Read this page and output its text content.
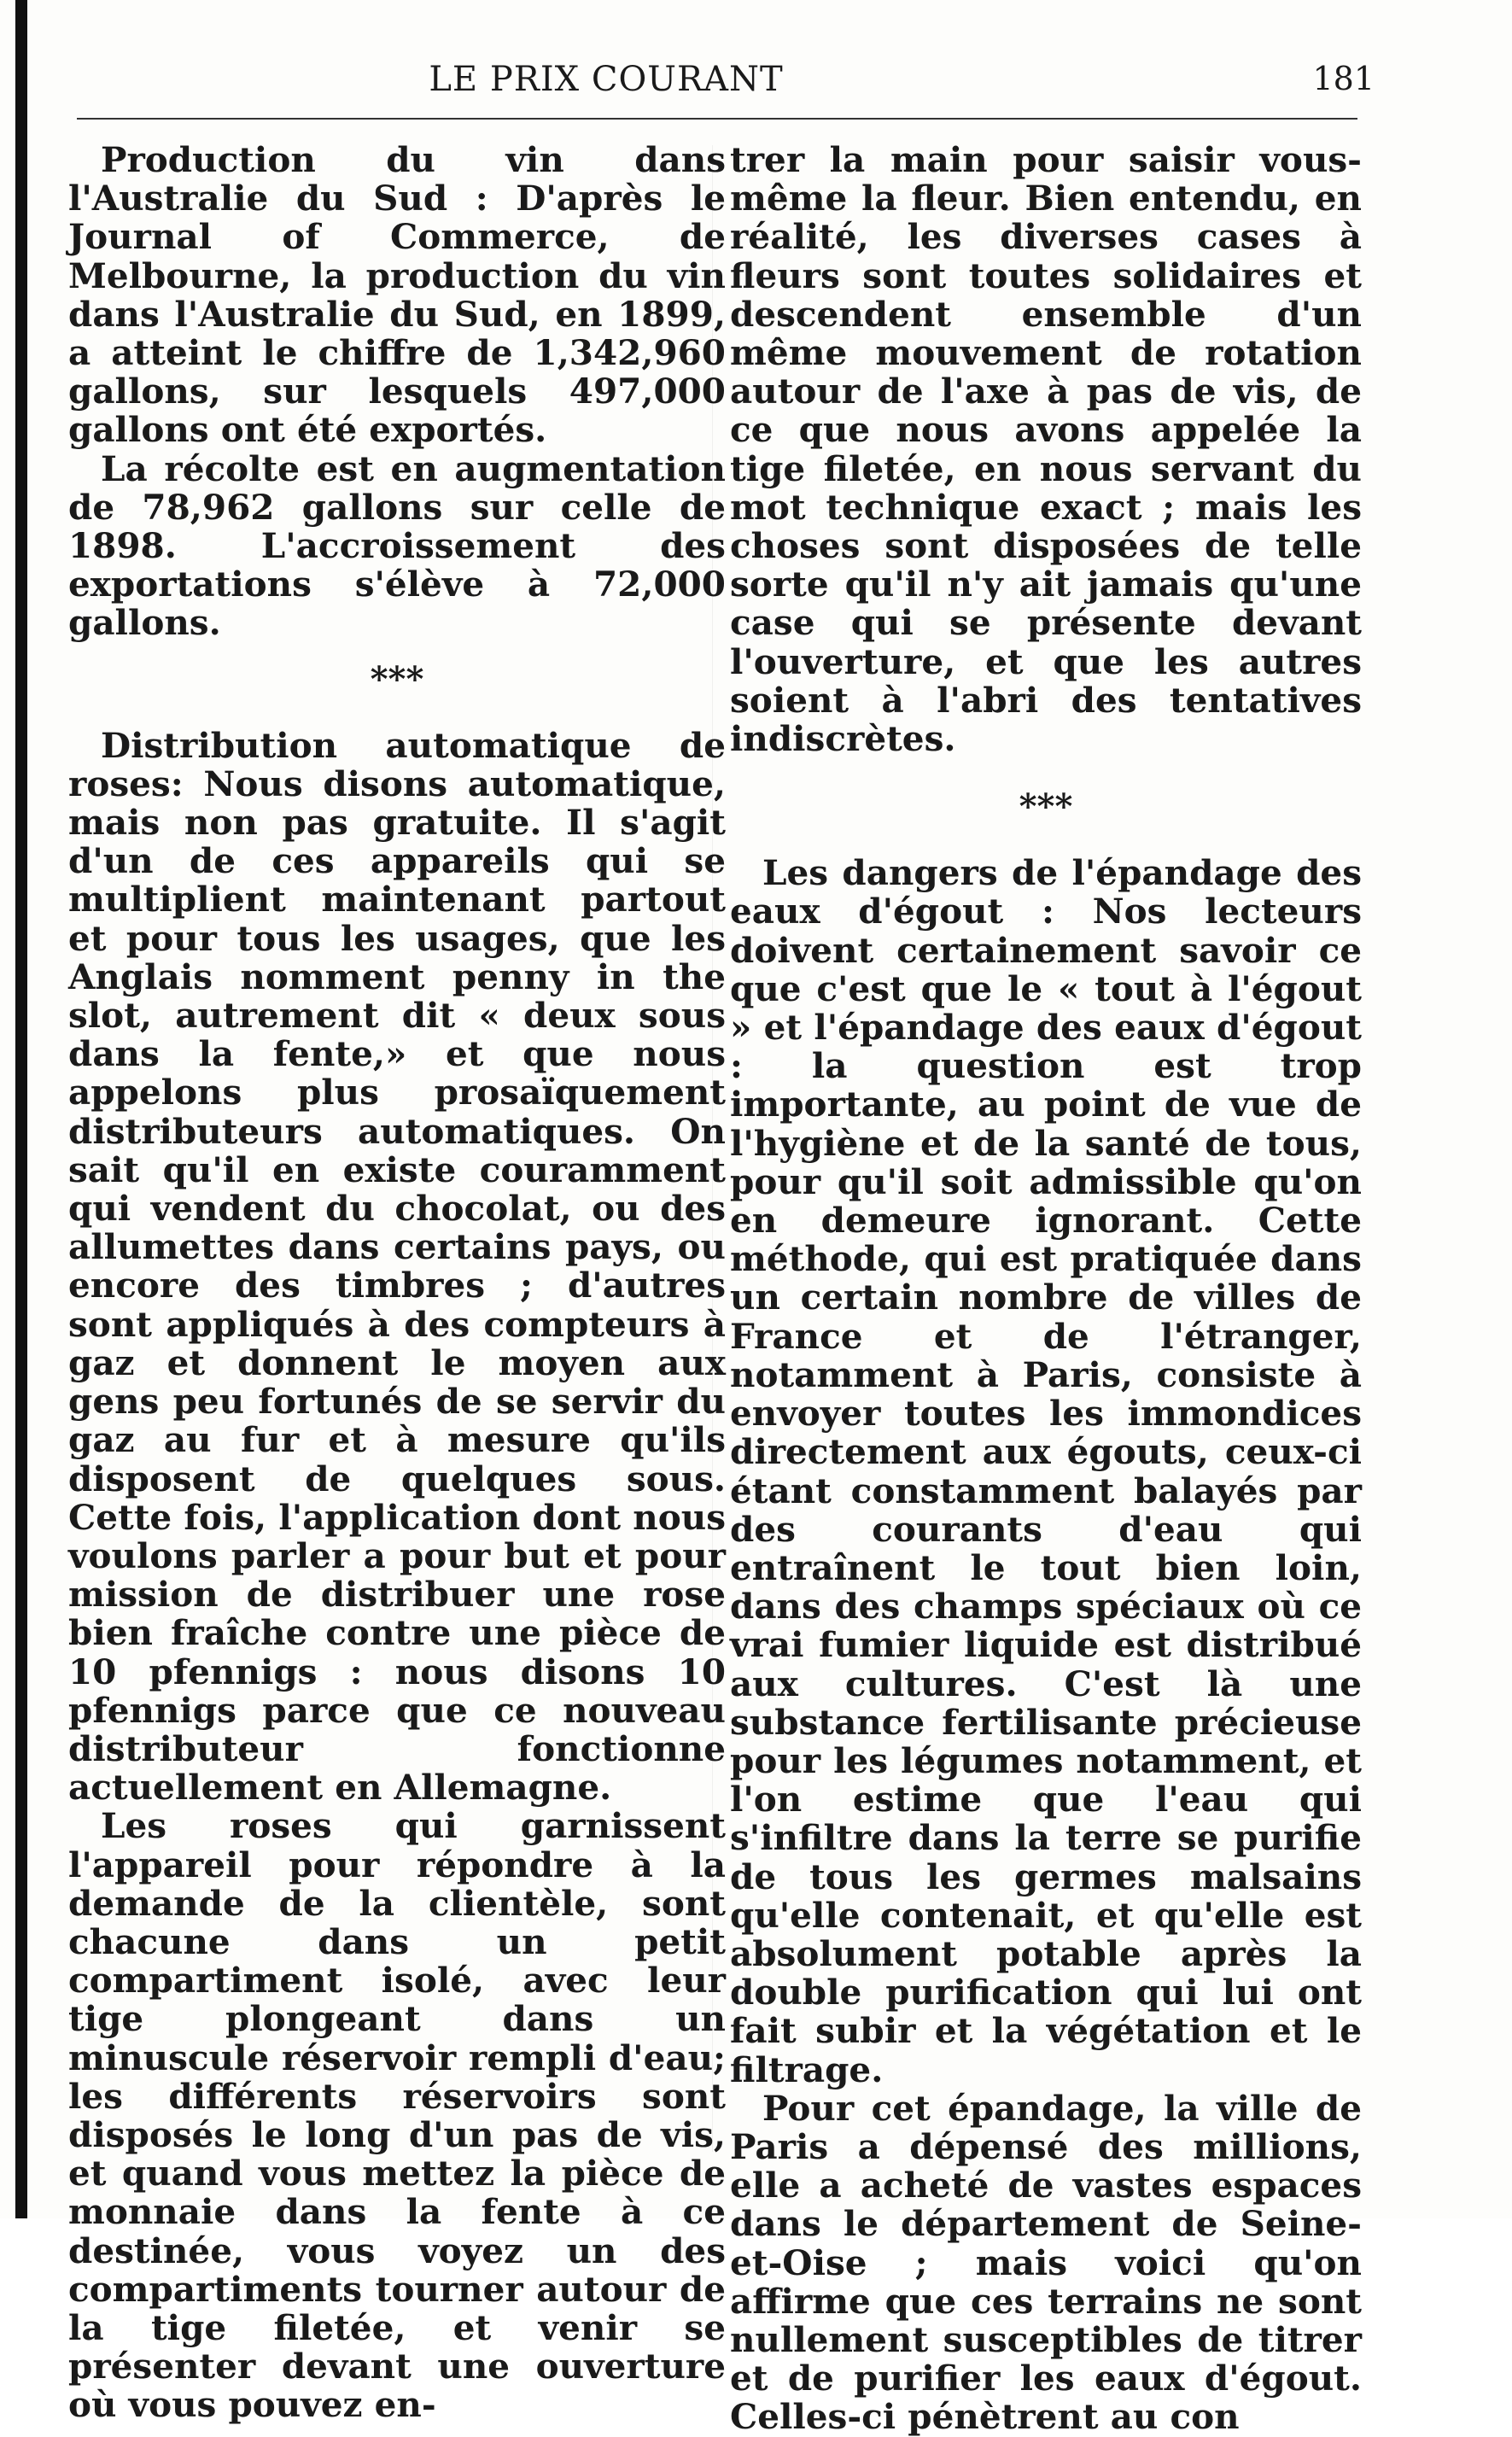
LE PRIX COURANT	181

Production du vin dans l'Australie du Sud : D'après le Journal of Commerce, de Melbourne, la production du vin dans l'Australie du Sud, en 1899, a atteint le chiffre de 1,342,960 gallons, sur lesquels 497,000 gallons ont été exportés.

La récolte est en augmentation de 78,962 gallons sur celle de 1898. L'accroissement des exportations s'élève à 72,000 gallons.

***

Distribution automatique de roses: Nous disons automatique, mais non pas gratuite. Il s'agit d'un de ces appareils qui se multiplient maintenant partout et pour tous les usages, que les Anglais nomment penny in the slot, autrement dit « deux sous dans la fente,» et que nous appelons plus prosaïquement distributeurs automatiques. On sait qu'il en existe couramment qui vendent du chocolat, ou des allumettes dans certains pays, ou encore des timbres ; d'autres sont appliqués à des compteurs à gaz et donnent le moyen aux gens peu fortunés de se servir du gaz au fur et à mesure qu'ils disposent de quelques sous. Cette fois, l'application dont nous voulons parler a pour but et pour mission de distribuer une rose bien fraîche contre une pièce de 10 pfennigs : nous disons 10 pfennigs parce que ce nouveau distributeur fonctionne actuellement en Allemagne.

Les roses qui garnissent l'appareil pour répondre à la demande de la clientèle, sont chacune dans un petit compartiment isolé, avec leur tige plongeant dans un minuscule réservoir rempli d'eau; les différents réservoirs sont disposés le long d'un pas de vis, et quand vous mettez la pièce de monnaie dans la fente à ce destinée, vous voyez un des compartiments tourner autour de la tige filetée, et venir se présenter devant une ouverture où vous pouvez en-

trer la main pour saisir vous-même la fleur. Bien entendu, en réalité, les diverses cases à fleurs sont toutes solidaires et descendent ensemble d'un même mouvement de rotation autour de l'axe à pas de vis, de ce que nous avons appelée la tige filetée, en nous servant du mot technique exact ; mais les choses sont disposées de telle sorte qu'il n'y ait jamais qu'une case qui se présente devant l'ouverture, et que les autres soient à l'abri des tentatives indiscrètes.

***

Les dangers de l'épandage des eaux d'égout : Nos lecteurs doivent certainement savoir ce que c'est que le « tout à l'égout » et l'épandage des eaux d'égout : la question est trop importante, au point de vue de l'hygiène et de la santé de tous, pour qu'il soit admissible qu'on en demeure ignorant. Cette méthode, qui est pratiquée dans un certain nombre de villes de France et de l'étranger, notamment à Paris, consiste à envoyer toutes les immondices directement aux égouts, ceux-ci étant constamment balayés par des courants d'eau qui entraînent le tout bien loin, dans des champs spéciaux où ce vrai fumier liquide est distribué aux cultures. C'est là une substance fertilisante précieuse pour les légumes notamment, et l'on estime que l'eau qui s'infiltre dans la terre se purifie de tous les germes malsains qu'elle contenait, et qu'elle est absolument potable après la double purification qui lui ont fait subir et la végétation et le filtrage.

Pour cet épandage, la ville de Paris a dépensé des millions, elle a acheté de vastes espaces dans le département de Seine-et-Oise ; mais voici qu'on affirme que ces terrains ne sont nullement susceptibles de titrer et de purifier les eaux d'égout. Celles-ci pénètrent au con
